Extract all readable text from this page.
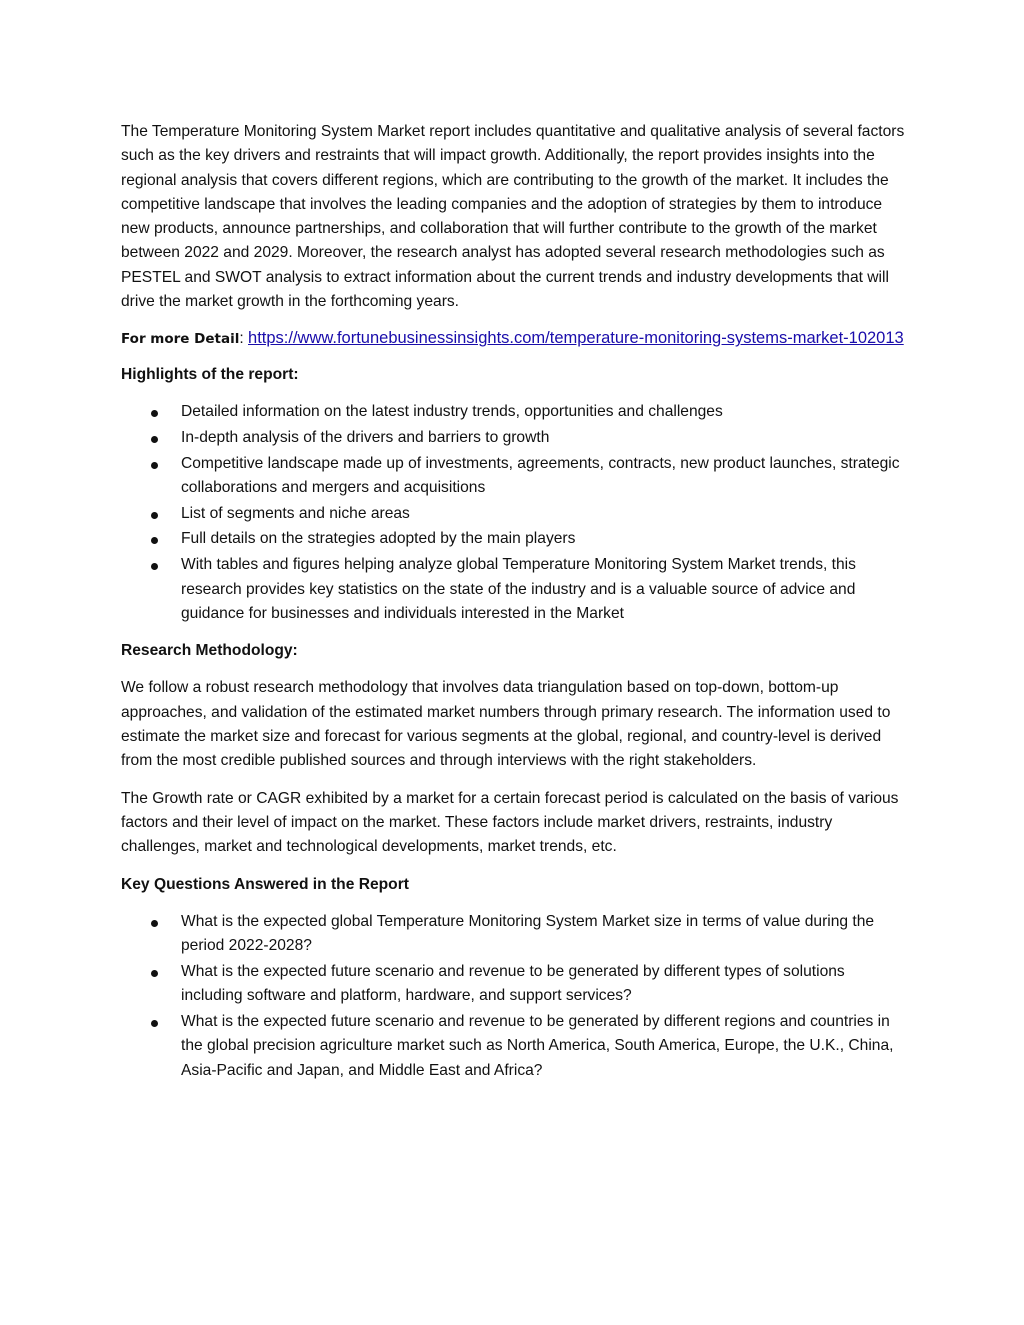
The Temperature Monitoring System Market report includes quantitative and qualitative analysis of several factors such as the key drivers and restraints that will impact growth. Additionally, the report provides insights into the regional analysis that covers different regions, which are contributing to the growth of the market. It includes the competitive landscape that involves the leading companies and the adoption of strategies by them to introduce new products, announce partnerships, and collaboration that will further contribute to the growth of the market between 2022 and 2029. Moreover, the research analyst has adopted several research methodologies such as PESTEL and SWOT analysis to extract information about the current trends and industry developments that will drive the market growth in the forthcoming years.

For more Detail: https://www.fortunebusinessinsights.com/temperature-monitoring-systems-market-102013

Highlights of the report:

Detailed information on the latest industry trends, opportunities and challenges
In-depth analysis of the drivers and barriers to growth
Competitive landscape made up of investments, agreements, contracts, new product launches, strategic collaborations and mergers and acquisitions
List of segments and niche areas
Full details on the strategies adopted by the main players
With tables and figures helping analyze global Temperature Monitoring System Market trends, this research provides key statistics on the state of the industry and is a valuable source of advice and guidance for businesses and individuals interested in the Market

Research Methodology:

We follow a robust research methodology that involves data triangulation based on top-down, bottom-up approaches, and validation of the estimated market numbers through primary research. The information used to estimate the market size and forecast for various segments at the global, regional, and country-level is derived from the most credible published sources and through interviews with the right stakeholders.

The Growth rate or CAGR exhibited by a market for a certain forecast period is calculated on the basis of various factors and their level of impact on the market. These factors include market drivers, restraints, industry challenges, market and technological developments, market trends, etc.

Key Questions Answered in the Report

What is the expected global Temperature Monitoring System Market size in terms of value during the period 2022-2028?
What is the expected future scenario and revenue to be generated by different types of solutions including software and platform, hardware, and support services?
What is the expected future scenario and revenue to be generated by different regions and countries in the global precision agriculture market such as North America, South America, Europe, the U.K., China, Asia-Pacific and Japan, and Middle East and Africa?
